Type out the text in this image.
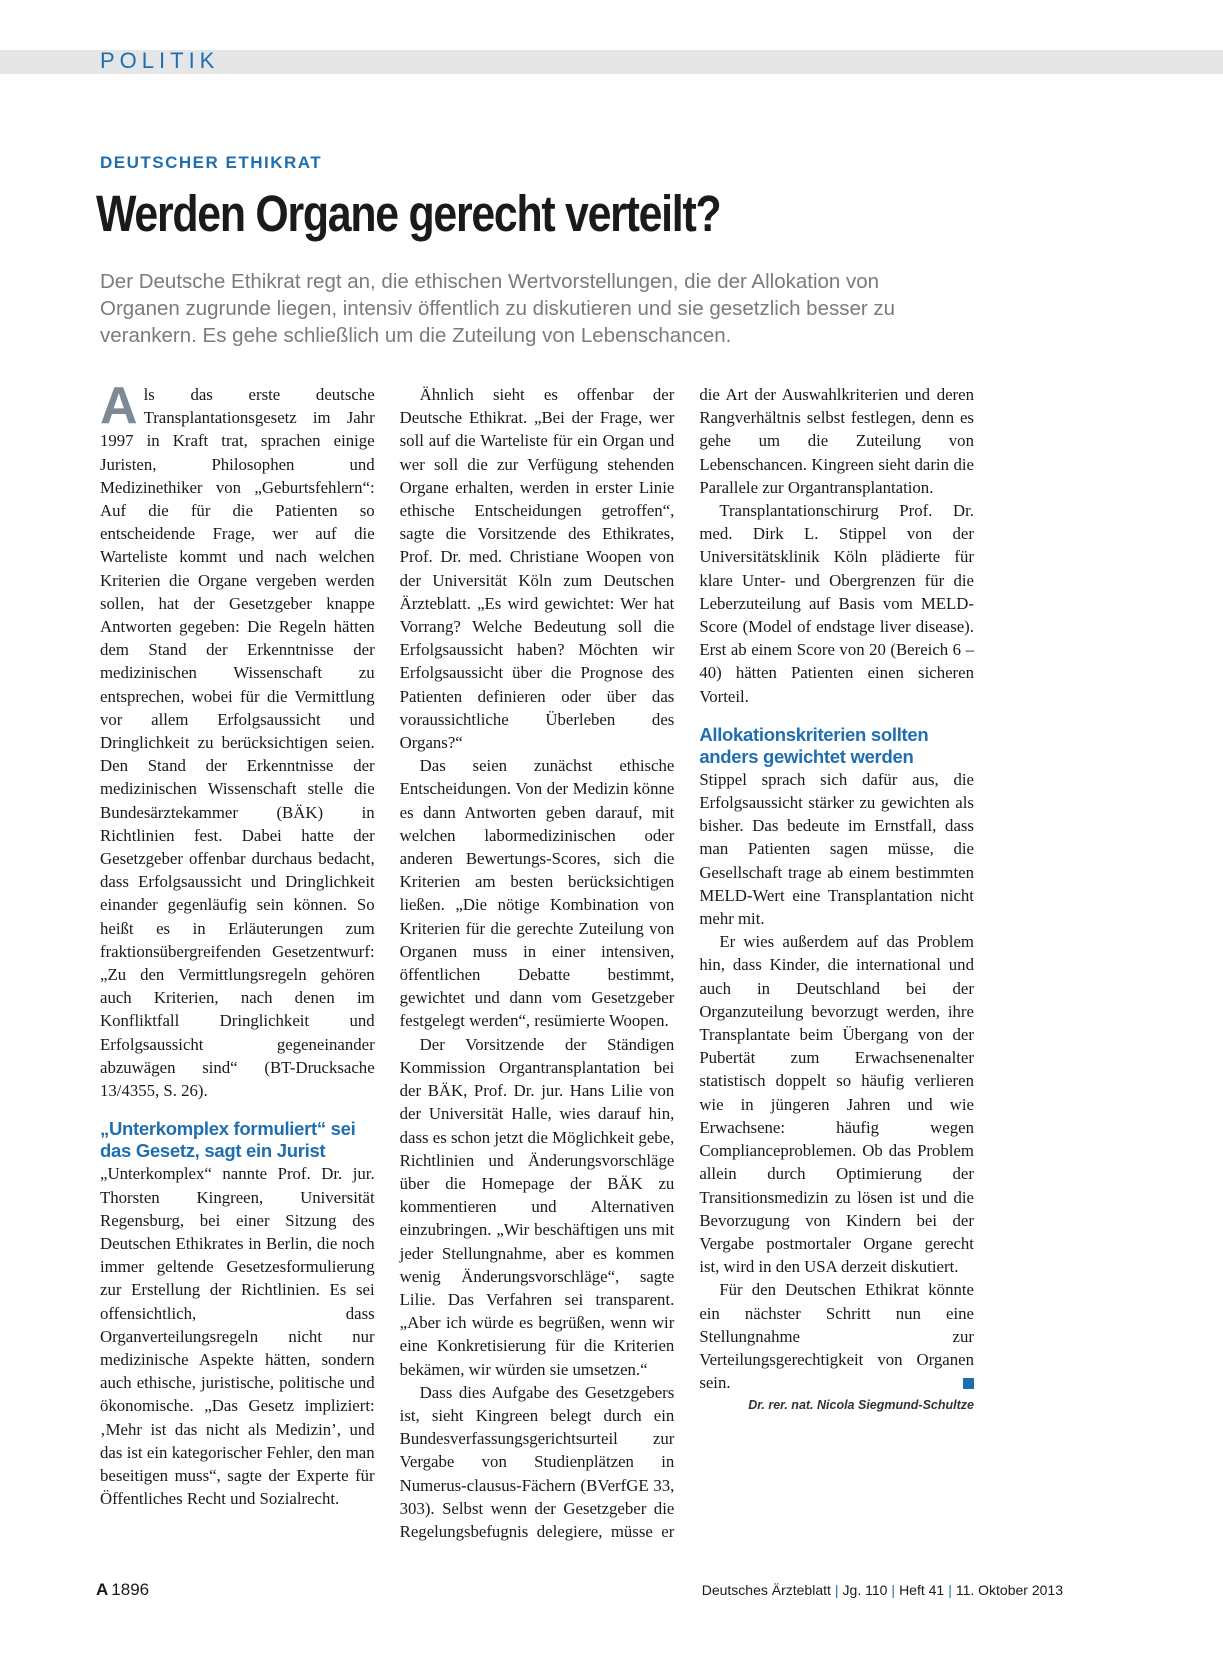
POLITIK
DEUTSCHER ETHIKRAT
Werden Organe gerecht verteilt?

Der Deutsche Ethikrat regt an, die ethischen Wertvorstellungen, die der Allokation von Organen zugrunde liegen, intensiv öffentlich zu diskutieren und sie gesetzlich besser zu verankern. Es gehe schließlich um die Zuteilung von Lebenschancen.

Als das erste deutsche Transplantationsgesetz im Jahr 1997 in Kraft trat, sprachen einige Juristen, Philosophen und Medizinethiker von „Geburtsfehlern“: Auf die für die Patienten so entscheidende Frage, wer auf die Warteliste kommt und nach welchen Kriterien die Organe vergeben werden sollen, hat der Gesetzgeber knappe Antworten gegeben: Die Regeln hätten dem Stand der Erkenntnisse der medizinischen Wissenschaft zu entsprechen, wobei für die Vermittlung vor allem Erfolgsaussicht und Dringlichkeit zu berücksichtigen seien. Den Stand der Erkenntnisse der medizinischen Wissenschaft stelle die Bundesärztekammer (BÄK) in Richtlinien fest. Dabei hatte der Gesetzgeber offenbar durchaus bedacht, dass Erfolgsaussicht und Dringlichkeit einander gegenläufig sein können. So heißt es in Erläuterungen zum fraktionsübergreifenden Gesetzentwurf: „Zu den Vermittlungsregeln gehören auch Kriterien, nach denen im Konfliktfall Dringlichkeit und Erfolgsaussicht gegeneinander abzuwägen sind“ (BT-Drucksache 13/4355, S. 26).

„Unterkomplex formuliert“ sei das Gesetz, sagt ein Jurist

„Unterkomplex“ nannte Prof. Dr. jur. Thorsten Kingreen, Universität Regensburg, bei einer Sitzung des Deutschen Ethikrates in Berlin, die noch immer geltende Gesetzesformulierung zur Erstellung der Richtlinien. Es sei offensichtlich, dass Organverteilungsregeln nicht nur medizinische Aspekte hätten, sondern auch ethische, juristische, politische und ökonomische. „Das Gesetz impliziert: ‚Mehr ist das nicht als Medizin’, und das ist ein kategorischer Fehler, den man beseitigen muss“, sagte der Experte für Öffentliches Recht und Sozialrecht.

Ähnlich sieht es offenbar der Deutsche Ethikrat. „Bei der Frage, wer soll auf die Warteliste für ein Organ und wer soll die zur Verfügung stehenden Organe erhalten, werden in erster Linie ethische Entscheidungen getroffen“, sagte die Vorsitzende des Ethikrates, Prof. Dr. med. Christiane Woopen von der Universität Köln zum Deutschen Ärzteblatt. „Es wird gewichtet: Wer hat Vorrang? Welche Bedeutung soll die Erfolgsaussicht haben? Möchten wir Erfolgsaussicht über die Prognose des Patienten definieren oder über das voraussichtliche Überleben des Organs?“

Das seien zunächst ethische Entscheidungen. Von der Medizin könne es dann Antworten geben darauf, mit welchen labormedizinischen oder anderen Bewertungs-Scores, sich die Kriterien am besten berücksichtigen ließen. „Die nötige Kombination von Kriterien für die gerechte Zuteilung von Organen muss in einer intensiven, öffentlichen Debatte bestimmt, gewichtet und dann vom Gesetzgeber festgelegt werden“, resümierte Woopen.

Der Vorsitzende der Ständigen Kommission Organtransplantation bei der BÄK, Prof. Dr. jur. Hans Lilie von der Universität Halle, wies darauf hin, dass es schon jetzt die Möglichkeit gebe, Richtlinien und Änderungsvorschläge über die Homepage der BÄK zu kommentieren und Alternativen einzubringen. „Wir beschäftigen uns mit jeder Stellungnahme, aber es kommen wenig Änderungsvorschläge“, sagte Lilie. Das Verfahren sei transparent. „Aber ich würde es begrüßen, wenn wir eine Konkretisierung für die Kriterien bekämen, wir würden sie umsetzen.“

Dass dies Aufgabe des Gesetzgebers ist, sieht Kingreen belegt durch ein Bundesverfassungsgerichtsurteil zur Vergabe von Studienplätzen in Numerus-clausus-Fächern (BVerfGE 33, 303). Selbst wenn der Gesetzgeber die Regelungsbefugnis delegiere, müsse er die Art der Auswahlkriterien und deren Rangverhältnis selbst festlegen, denn es gehe um die Zuteilung von Lebenschancen. Kingreen sieht darin die Parallele zur Organtransplantation.

Transplantationschirurg Prof. Dr. med. Dirk L. Stippel von der Universitätsklinik Köln plädierte für klare Unter- und Obergrenzen für die Leberzuteilung auf Basis vom MELD-Score (Model of endstage liver disease). Erst ab einem Score von 20 (Bereich 6 – 40) hätten Patienten einen sicheren Vorteil.

Allokationskriterien sollten anders gewichtet werden

Stippel sprach sich dafür aus, die Erfolgsaussicht stärker zu gewichten als bisher. Das bedeute im Ernstfall, dass man Patienten sagen müsse, die Gesellschaft trage ab einem bestimmten MELD-Wert eine Transplantation nicht mehr mit.

Er wies außerdem auf das Problem hin, dass Kinder, die international und auch in Deutschland bei der Organzuteilung bevorzugt werden, ihre Transplantate beim Übergang von der Pubertät zum Erwachsenenalter statistisch doppelt so häufig verlieren wie in jüngeren Jahren und wie Erwachsene: häufig wegen Complianceproblemen. Ob das Problem allein durch Optimierung der Transitionsmedizin zu lösen ist und die Bevorzugung von Kindern bei der Vergabe postmortaler Organe gerecht ist, wird in den USA derzeit diskutiert.

Für den Deutschen Ethikrat könnte ein nächster Schritt nun eine Stellungnahme zur Verteilungsgerechtigkeit von Organen sein.

Dr. rer. nat. Nicola Siegmund-Schultze

A 1896	Deutsches Ärzteblatt | Jg. 110 | Heft 41 | 11. Oktober 2013
